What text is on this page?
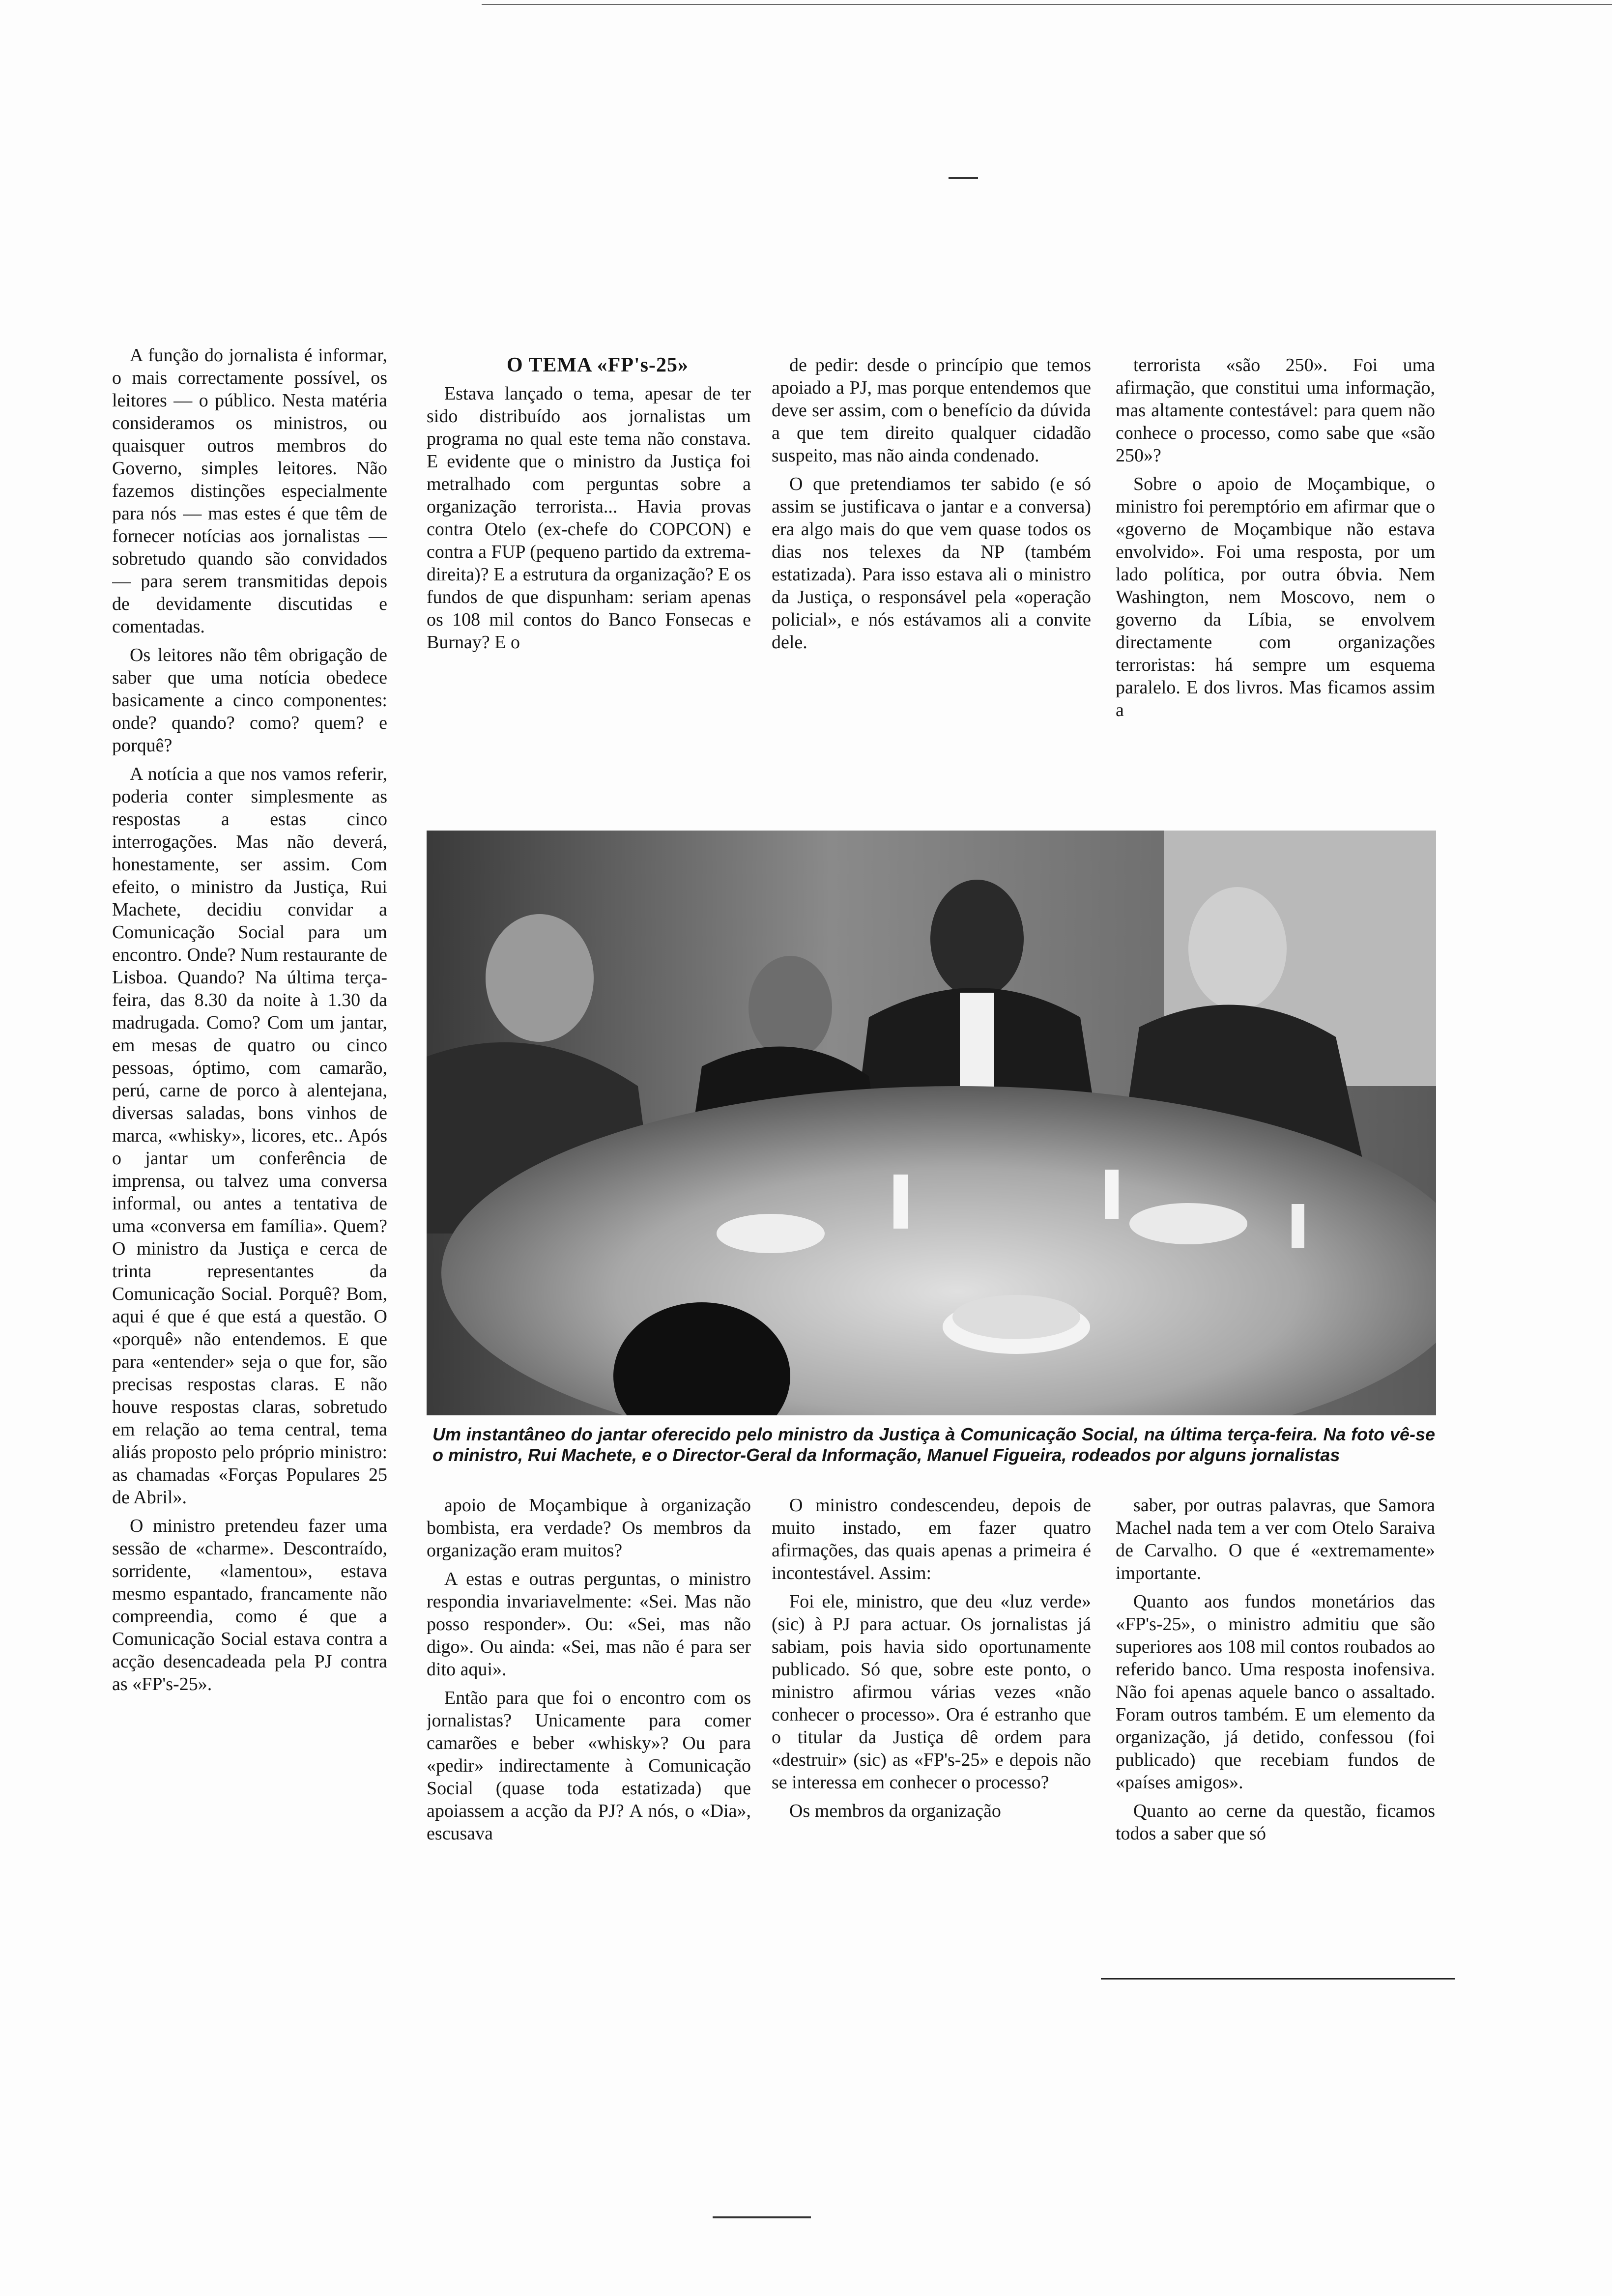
A função do jornalista é informar, o mais correctamente possível, os leitores — o público. Nesta matéria consideramos os ministros, ou quaisquer outros membros do Governo, simples leitores. Não fazemos distinções especialmente para nós — mas estes é que têm de fornecer notícias aos jornalistas — sobretudo quando são convidados — para serem transmitidas depois de devidamente discutidas e comentadas.

Os leitores não têm obrigação de saber que uma notícia obedece basicamente a cinco componentes: onde? quando? como? quem? e porquê?

A notícia a que nos vamos referir, poderia conter simplesmente as respostas a estas cinco interrogações. Mas não deverá, honestamente, ser assim. Com efeito, o ministro da Justiça, Rui Machete, decidiu convidar a Comunicação Social para um encontro. Onde? Num restaurante de Lisboa. Quando? Na última terça-feira, das 8.30 da noite à 1.30 da madrugada. Como? Com um jantar, em mesas de quatro ou cinco pessoas, óptimo, com camarão, perú, carne de porco à alentejana, diversas saladas, bons vinhos de marca, «whisky», licores, etc.. Após o jantar um conferência de imprensa, ou talvez uma conversa informal, ou antes a tentativa de uma «conversa em família». Quem? O ministro da Justiça e cerca de trinta representantes da Comunicação Social. Porquê? Bom, aqui é que é que está a questão. O «porquê» não entendemos. E que para «entender» seja o que for, são precisas respostas claras. E não houve respostas claras, sobretudo em relação ao tema central, tema aliás proposto pelo próprio ministro: as chamadas «Forças Populares 25 de Abril».

O ministro pretendeu fazer uma sessão de «charme». Descontraído, sorridente, «lamentou», estava mesmo espantado, francamente não compreendia, como é que a Comunicação Social estava contra a acção desencadeada pela PJ contra as «FP's-25».

O TEMA «FP's-25»

Estava lançado o tema, apesar de ter sido distribuído aos jornalistas um programa no qual este tema não constava. E evidente que o ministro da Justiça foi metralhado com perguntas sobre a organização terrorista... Havia provas contra Otelo (ex-chefe do COPCON) e contra a FUP (pequeno partido da extrema-direita)? E a estrutura da organização? E os fundos de que dispunham: seriam apenas os 108 mil contos do Banco Fonsecas e Burnay? E o

de pedir: desde o princípio que temos apoiado a PJ, mas porque entendemos que deve ser assim, com o benefício da dúvida a que tem direito qualquer cidadão suspeito, mas não ainda condenado.

O que pretendiamos ter sabido (e só assim se justificava o jantar e a conversa) era algo mais do que vem quase todos os dias nos telexes da NP (também estatizada). Para isso estava ali o ministro da Justiça, o responsável pela «operação policial», e nós estávamos ali a convite dele.

terrorista «são 250». Foi uma afirmação, que constitui uma informação, mas altamente contestável: para quem não conhece o processo, como sabe que «são 250»?

Sobre o apoio de Moçambique, o ministro foi peremptório em afirmar que o «governo de Moçambique não estava envolvido». Foi uma resposta, por um lado política, por outra óbvia. Nem Washington, nem Moscovo, nem o governo da Líbia, se envolvem directamente com organizações terroristas: há sempre um esquema paralelo. E dos livros. Mas ficamos assim a

Um instantâneo do jantar oferecido pelo ministro da Justiça à Comunicação Social, na última terça-feira. Na foto vê-se o ministro, Rui Machete, e o Director-Geral da Informação, Manuel Figueira, rodeados por alguns jornalistas

apoio de Moçambique à organização bombista, era verdade? Os membros da organização eram muitos?

A estas e outras perguntas, o ministro respondia invariavelmente: «Sei. Mas não posso responder». Ou: «Sei, mas não digo». Ou ainda: «Sei, mas não é para ser dito aqui».

Então para que foi o encontro com os jornalistas? Unicamente para comer camarões e beber «whisky»? Ou para «pedir» indirectamente à Comunicação Social (quase toda estatizada) que apoiassem a acção da PJ? A nós, o «Dia», escusava

O ministro condescendeu, depois de muito instado, em fazer quatro afirmações, das quais apenas a primeira é incontestável. Assim:

Foi ele, ministro, que deu «luz verde» (sic) à PJ para actuar. Os jornalistas já sabiam, pois havia sido oportunamente publicado. Só que, sobre este ponto, o ministro afirmou várias vezes «não conhecer o processo». Ora é estranho que o titular da Justiça dê ordem para «destruir» (sic) as «FP's-25» e depois não se interessa em conhecer o processo?

Os membros da organização

saber, por outras palavras, que Samora Machel nada tem a ver com Otelo Saraiva de Carvalho. O que é «extremamente» importante.

Quanto aos fundos monetários das «FP's-25», o ministro admitiu que são superiores aos 108 mil contos roubados ao referido banco. Uma resposta inofensiva. Não foi apenas aquele banco o assaltado. Foram outros também. E um elemento da organização, já detido, confessou (foi publicado) que recebiam fundos de «países amigos».

Quanto ao cerne da questão, ficamos todos a saber que só
